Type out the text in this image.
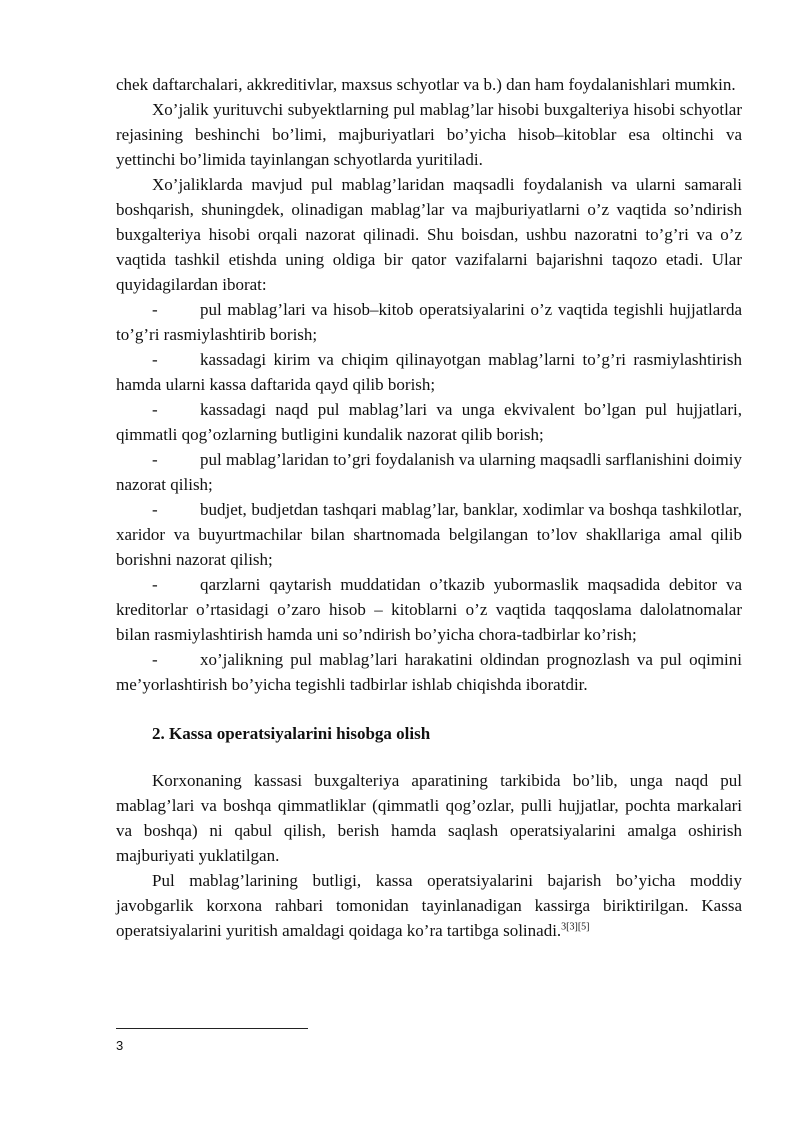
chek daftarchalari, akkreditivlar, maxsus schyotlar va b.) dan ham foydalanishlari mumkin.

Xo’jalik yurituvchi subyektlarning pul mablag’lar hisobi buxgalteriya hisobi schyotlar rejasining beshinchi bo’limi, majburiyatlari bo’yicha hisob–kitoblar esa oltinchi va yettinchi bo’limida tayinlangan schyotlarda yuritiladi.

Xo’jaliklarda mavjud pul mablag’laridan maqsadli foydalanish va ularni samarali boshqarish, shuningdek, olinadigan mablag’lar va majburiyatlarni o’z vaqtida so’ndirish buxgalteriya hisobi orqali nazorat qilinadi. Shu boisdan, ushbu nazoratni to’g’ri va o’z vaqtida tashkil etishda uning oldiga bir qator vazifalarni bajarishni taqozo etadi. Ular quyidagilardan iborat:

- pul mablag’lari va hisob–kitob operatsiyalarini o’z vaqtida tegishli hujjatlarda to’g’ri rasmiylashtirib borish;

- kassadagi kirim va chiqim qilinayotgan mablag’larni to’g’ri rasmiylashtirish hamda ularni kassa daftarida qayd qilib borish;

- kassadagi naqd pul mablag’lari va unga ekvivalent bo’lgan pul hujjatlari, qimmatli qog’ozlarning butligini kundalik nazorat qilib borish;

- pul mablag’laridan to’gri foydalanish va ularning maqsadli sarflanishini doimiy nazorat qilish;

- budjet, budjetdan tashqari mablag’lar, banklar, xodimlar va boshqa tashkilotlar, xaridor va buyurtmachilar bilan shartnomada belgilangan to’lov shakllariga amal qilib borishni nazorat qilish;

- qarzlarni qaytarish muddatidan o’tkazib yubormaslik maqsadida debitor va kreditorlar o’rtasidagi o’zaro hisob – kitoblarni o’z vaqtida taqqoslama dalolatnomalar bilan rasmiylashtirish hamda uni so’ndirish bo’yicha chora-tadbirlar ko’rish;

- xo’jalikning pul mablag’lari harakatini oldindan prognozlash va pul oqimini me’yorlashtirish bo’yicha tegishli tadbirlar ishlab chiqishda iboratdir.

2. Kassa operatsiyalarini hisobga olish

Korxonaning kassasi buxgalteriya aparatining tarkibida bo’lib, unga naqd pul mablag’lari va boshqa qimmatliklar (qimmatli qog’ozlar, pulli hujjatlar, pochta markalari va boshqa) ni qabul qilish, berish hamda saqlash operatsiyalarini amalga oshirish majburiyati yuklatilgan.

Pul mablag’larining butligi, kassa operatsiyalarini bajarish bo’yicha moddiy javobgarlik korxona rahbari tomonidan tayinlanadigan kassirga biriktirilgan. Kassa operatsiyalarini yuritish amaldagi qoidaga ko’ra tartibga solinadi.$^{3[3][5]}$

3
